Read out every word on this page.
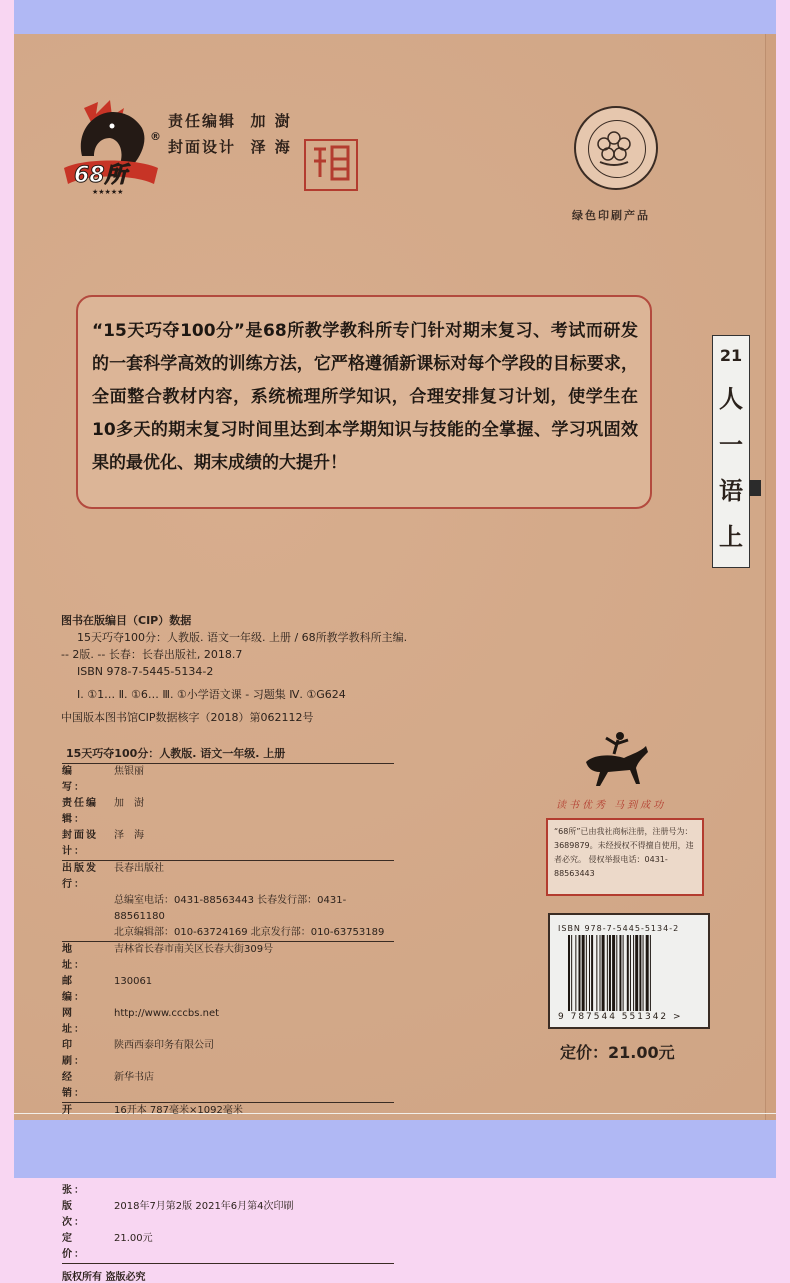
68所
★★★★★
®
责任编辑 加 澍
封面设计 泽 海
绿色印刷产品
“15天巧夺100分”是68所教学教科所专门针对期末复习、考试而研发的一套科学高效的训练方法，它严格遵循新课标对每个学段的目标要求，全面整合教材内容，系统梳理所学知识，合理安排复习计划，使学生在10多天的期末复习时间里达到本学期知识与技能的全掌握、学习巩固效果的最优化、期末成绩的大提升！
21
人
一
语
上
图书在版编目（CIP）数据
15天巧夺100分：人教版. 语文一年级. 上册 / 68所教学教科所主编.
-- 2版. -- 长春：长春出版社, 2018.7
ISBN 978-7-5445-5134-2
Ⅰ. ①1… Ⅱ. ①6… Ⅲ. ①小学语文课 - 习题集 Ⅳ. ①G624
中国版本图书馆CIP数据核字（2018）第062112号
15天巧夺100分：人教版. 语文一年级. 上册
编　　写：
焦银丽
责任编辑：
加　澍
封面设计：
泽　海
出版发行：
長春出版社
总编室电话：0431-88563443 长春发行部：0431-88561180
北京编辑部：010-63724169 北京发行部：010-63753189
地　　址：
吉林省长春市南关区长春大街309号
邮　　编：
130061
网　　址：
http://www.cccbs.net
印　　刷：
陕西西泰印务有限公司
经　　销：
新华书店
开　　	16开本 787毫米×1092毫米
　　张：
版　　次：
2018年7月第2版 2021年6月第4次印刷
定　　价：
21.00元
版权所有 盗版必究
读书优秀 马到成功
“68所”已由我社商标注册，注册号为：3689879。未经授权不得擅自使用，违者必究。 侵权举报电话：0431-88563443
ISBN 978-7-5445-5134-2
9 787544 551342 >
定价：21.00元
